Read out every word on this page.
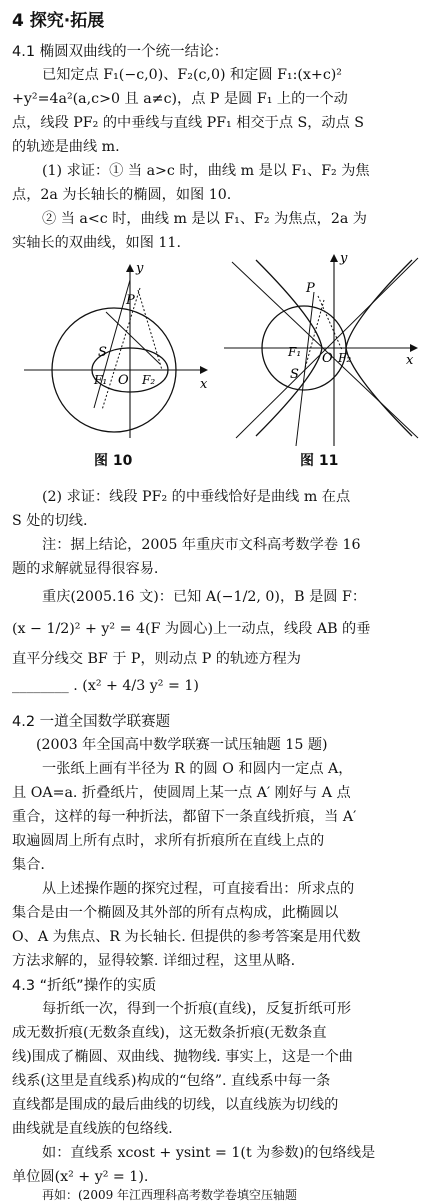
4 探究·拓展
4.1 椭圆双曲线的一个统一结论：
已知定点 F₁(−c,0)、F₂(c,0) 和定圆 F₁:(x+c)²
+y²=4a²(a,c>0 且 a≠c)，点 P 是圆 F₁ 上的一个动
点，线段 PF₂ 的中垂线与直线 PF₁ 相交于点 S，动点 S
的轨迹是曲线 m.
(1) 求证：① 当 a>c 时，曲线 m 是以 F₁、F₂ 为焦
点，2a 为长轴长的椭圆，如图 10.
② 当 a<c 时，曲线 m 是以 F₁、F₂ 为焦点，2a 为
实轴长的双曲线，如图 11.
y
x
P
S
F₁ O F₂
图 10
y
x
P
S
F₁ O F₂
图 11
(2) 求证：线段 PF₂ 的中垂线恰好是曲线 m 在点
S 处的切线.
注：据上结论，2005 年重庆市文科高考数学卷 16
题的求解就显得很容易.
重庆(2005.16 文)：已知 A(−1/2, 0)，B 是圆 F：
(x − 1/2)² + y² = 4(F 为圆心)上一动点，线段 AB 的垂
直平分线交 BF 于 P，则动点 P 的轨迹方程为
________ . (x² + 4/3 y² = 1)
4.2 一道全国数学联赛题
(2003 年全国高中数学联赛一试压轴题 15 题)
一张纸上画有半径为 R 的圆 O 和圆内一定点 A，
且 OA=a. 折叠纸片，使圆周上某一点 A′ 刚好与 A 点
重合，这样的每一种折法，都留下一条直线折痕，当 A′
取遍圆周上所有点时，求所有折痕所在直线上点的
集合.
从上述操作题的探究过程，可直接看出：所求点的
集合是由一个椭圆及其外部的所有点构成，此椭圆以
O、A 为焦点、R 为长轴长. 但提供的参考答案是用代数
方法求解的，显得较繁. 详细过程，这里从略.
4.3 “折纸”操作的实质
每折纸一次，得到一个折痕(直线)，反复折纸可形
成无数折痕(无数条直线)，这无数条折痕(无数条直
线)围成了椭圆、双曲线、抛物线. 事实上，这是一个曲
线系(这里是直线系)构成的“包络”. 直线系中每一条
直线都是围成的最后曲线的切线，以直线族为切线的
曲线就是直线族的包络线.
如：直线系 xcost + ysint = 1(t 为参数)的包络线是
单位圆(x² + y² = 1).
再如：(2009 年江西理科高考数学卷填空压轴题
